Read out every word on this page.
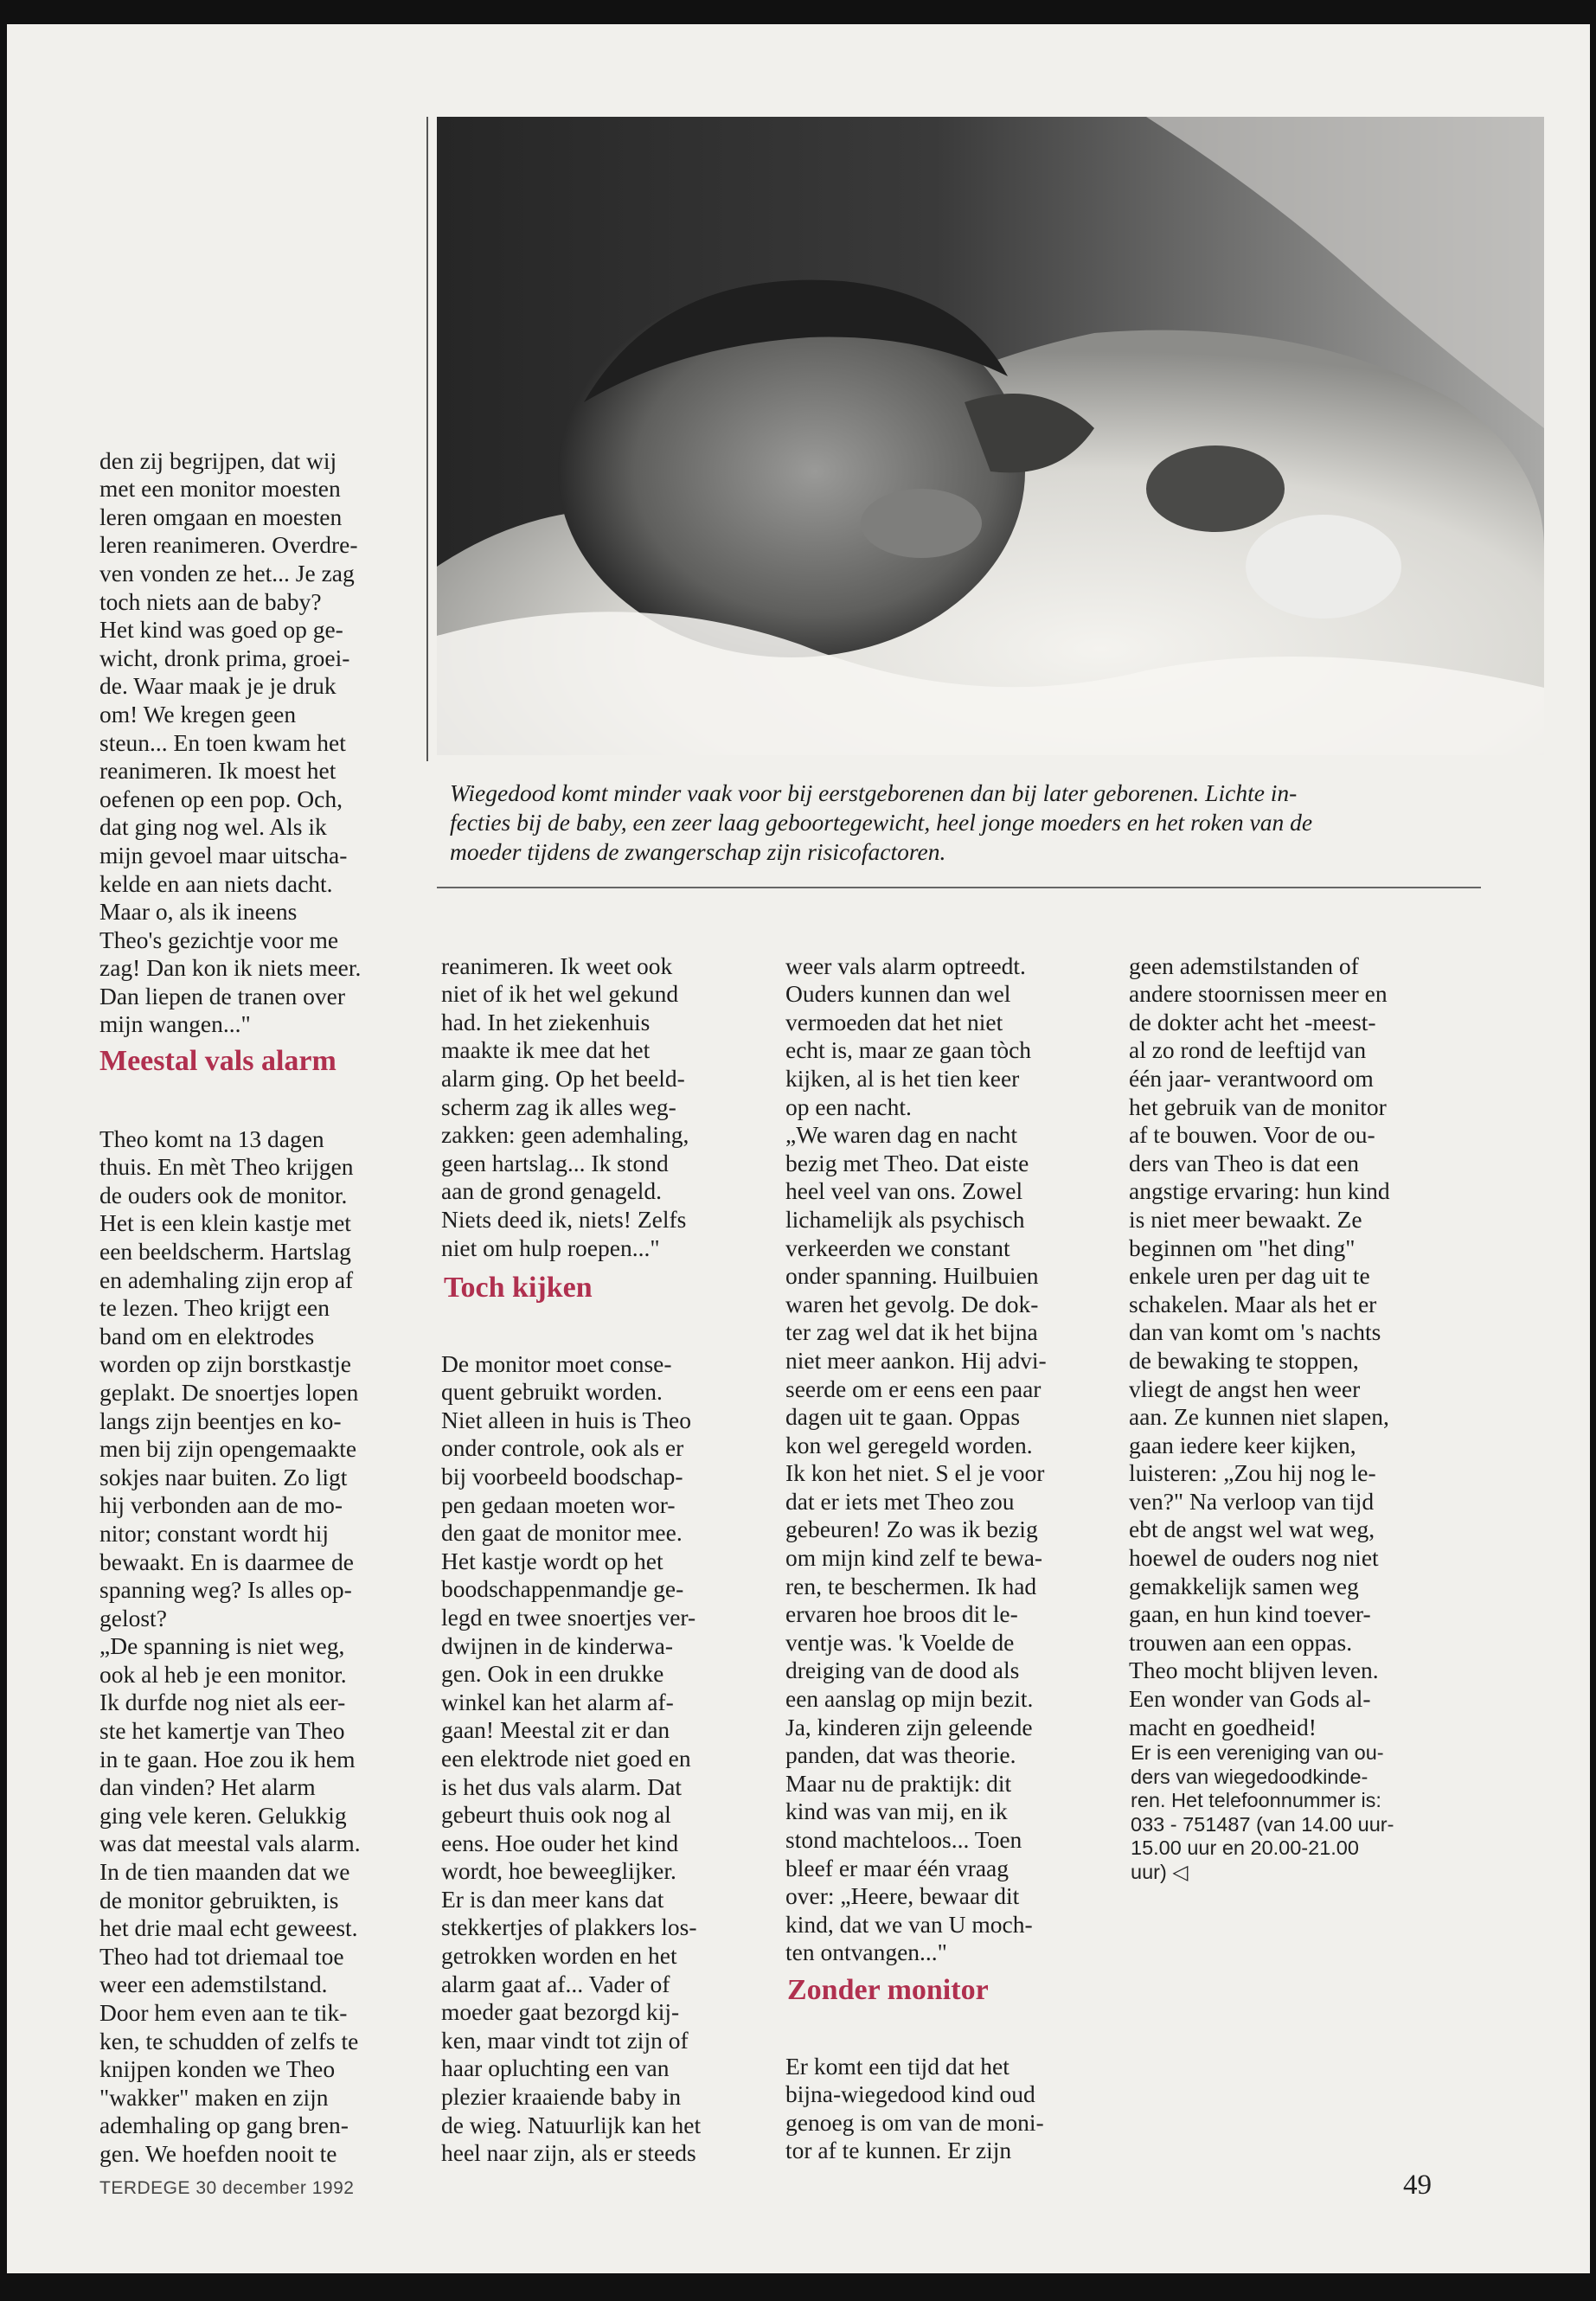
Wiegedood komt minder vaak voor bij eerstgeborenen dan bij later geborenen. Lichte in-
fecties bij de baby, een zeer laag geboortegewicht, heel jonge moeders en het roken van de
moeder tijdens de zwangerschap zijn risicofactoren.

den zij begrijpen, dat wij
met een monitor moesten
leren omgaan en moesten
leren reanimeren. Overdre-
ven vonden ze het... Je zag
toch niets aan de baby?
Het kind was goed op ge-
wicht, dronk prima, groei-
de. Waar maak je je druk
om! We kregen geen
steun... En toen kwam het
reanimeren. Ik moest het
oefenen op een pop. Och,
dat ging nog wel. Als ik
mijn gevoel maar uitscha-
kelde en aan niets dacht.
Maar o, als ik ineens
Theo's gezichtje voor me
zag! Dan kon ik niets meer.
Dan liepen de tranen over
mijn wangen..."

Meestal vals alarm

Theo komt na 13 dagen
thuis. En mèt Theo krijgen
de ouders ook de monitor.
Het is een klein kastje met
een beeldscherm. Hartslag
en ademhaling zijn erop af
te lezen. Theo krijgt een
band om en elektrodes
worden op zijn borstkastje
geplakt. De snoertjes lopen
langs zijn beentjes en ko-
men bij zijn opengemaakte
sokjes naar buiten. Zo ligt
hij verbonden aan de mo-
nitor; constant wordt hij
bewaakt. En is daarmee de
spanning weg? Is alles op-
gelost?
„De spanning is niet weg,
ook al heb je een monitor.
Ik durfde nog niet als eer-
ste het kamertje van Theo
in te gaan. Hoe zou ik hem
dan vinden? Het alarm
ging vele keren. Gelukkig
was dat meestal vals alarm.
In de tien maanden dat we
de monitor gebruikten, is
het drie maal echt geweest.
Theo had tot driemaal toe
weer een ademstilstand.
Door hem even aan te tik-
ken, te schudden of zelfs te
knijpen konden we Theo
"wakker" maken en zijn
ademhaling op gang bren-
gen. We hoefden nooit te

reanimeren. Ik weet ook
niet of ik het wel gekund
had. In het ziekenhuis
maakte ik mee dat het
alarm ging. Op het beeld-
scherm zag ik alles weg-
zakken: geen ademhaling,
geen hartslag... Ik stond
aan de grond genageld.
Niets deed ik, niets! Zelfs
niet om hulp roepen..."

Toch kijken

De monitor moet conse-
quent gebruikt worden.
Niet alleen in huis is Theo
onder controle, ook als er
bij voorbeeld boodschap-
pen gedaan moeten wor-
den gaat de monitor mee.
Het kastje wordt op het
boodschappenmandje ge-
legd en twee snoertjes ver-
dwijnen in de kinderwa-
gen. Ook in een drukke
winkel kan het alarm af-
gaan! Meestal zit er dan
een elektrode niet goed en
is het dus vals alarm. Dat
gebeurt thuis ook nog al
eens. Hoe ouder het kind
wordt, hoe beweeglijker.
Er is dan meer kans dat
stekkertjes of plakkers los-
getrokken worden en het
alarm gaat af... Vader of
moeder gaat bezorgd kij-
ken, maar vindt tot zijn of
haar opluchting een van
plezier kraaiende baby in
de wieg. Natuurlijk kan het
heel naar zijn, als er steeds

weer vals alarm optreedt.
Ouders kunnen dan wel
vermoeden dat het niet
echt is, maar ze gaan tòch
kijken, al is het tien keer
op een nacht.
„We waren dag en nacht
bezig met Theo. Dat eiste
heel veel van ons. Zowel
lichamelijk als psychisch
verkeerden we constant
onder spanning. Huilbuien
waren het gevolg. De dok-
ter zag wel dat ik het bijna
niet meer aankon. Hij advi-
seerde om er eens een paar
dagen uit te gaan. Oppas
kon wel geregeld worden.
Ik kon het niet. S el je voor
dat er iets met Theo zou
gebeuren! Zo was ik bezig
om mijn kind zelf te bewa-
ren, te beschermen. Ik had
ervaren hoe broos dit le-
ventje was. 'k Voelde de
dreiging van de dood als
een aanslag op mijn bezit.
Ja, kinderen zijn geleende
panden, dat was theorie.
Maar nu de praktijk: dit
kind was van mij, en ik
stond machteloos... Toen
bleef er maar één vraag
over: „Heere, bewaar dit
kind, dat we van U moch-
ten ontvangen..."

Zonder monitor

Er komt een tijd dat het
bijna-wiegedood kind oud
genoeg is om van de moni-
tor af te kunnen. Er zijn

geen ademstilstanden of
andere stoornissen meer en
de dokter acht het -meest-
al zo rond de leeftijd van
één jaar- verantwoord om
het gebruik van de monitor
af te bouwen. Voor de ou-
ders van Theo is dat een
angstige ervaring: hun kind
is niet meer bewaakt. Ze
beginnen om "het ding"
enkele uren per dag uit te
schakelen. Maar als het er
dan van komt om 's nachts
de bewaking te stoppen,
vliegt de angst hen weer
aan. Ze kunnen niet slapen,
gaan iedere keer kijken,
luisteren: „Zou hij nog le-
ven?" Na verloop van tijd
ebt de angst wel wat weg,
hoewel de ouders nog niet
gemakkelijk samen weg
gaan, en hun kind toever-
trouwen aan een oppas.
Theo mocht blijven leven.
Een wonder van Gods al-
macht en goedheid!

Er is een vereniging van ou-
ders van wiegedoodkinde-
ren. Het telefoonnummer is:
033 - 751487 (van 14.00 uur-
15.00 uur en 20.00-21.00
uur) ◁
TERDEGE 30 december 1992	49
